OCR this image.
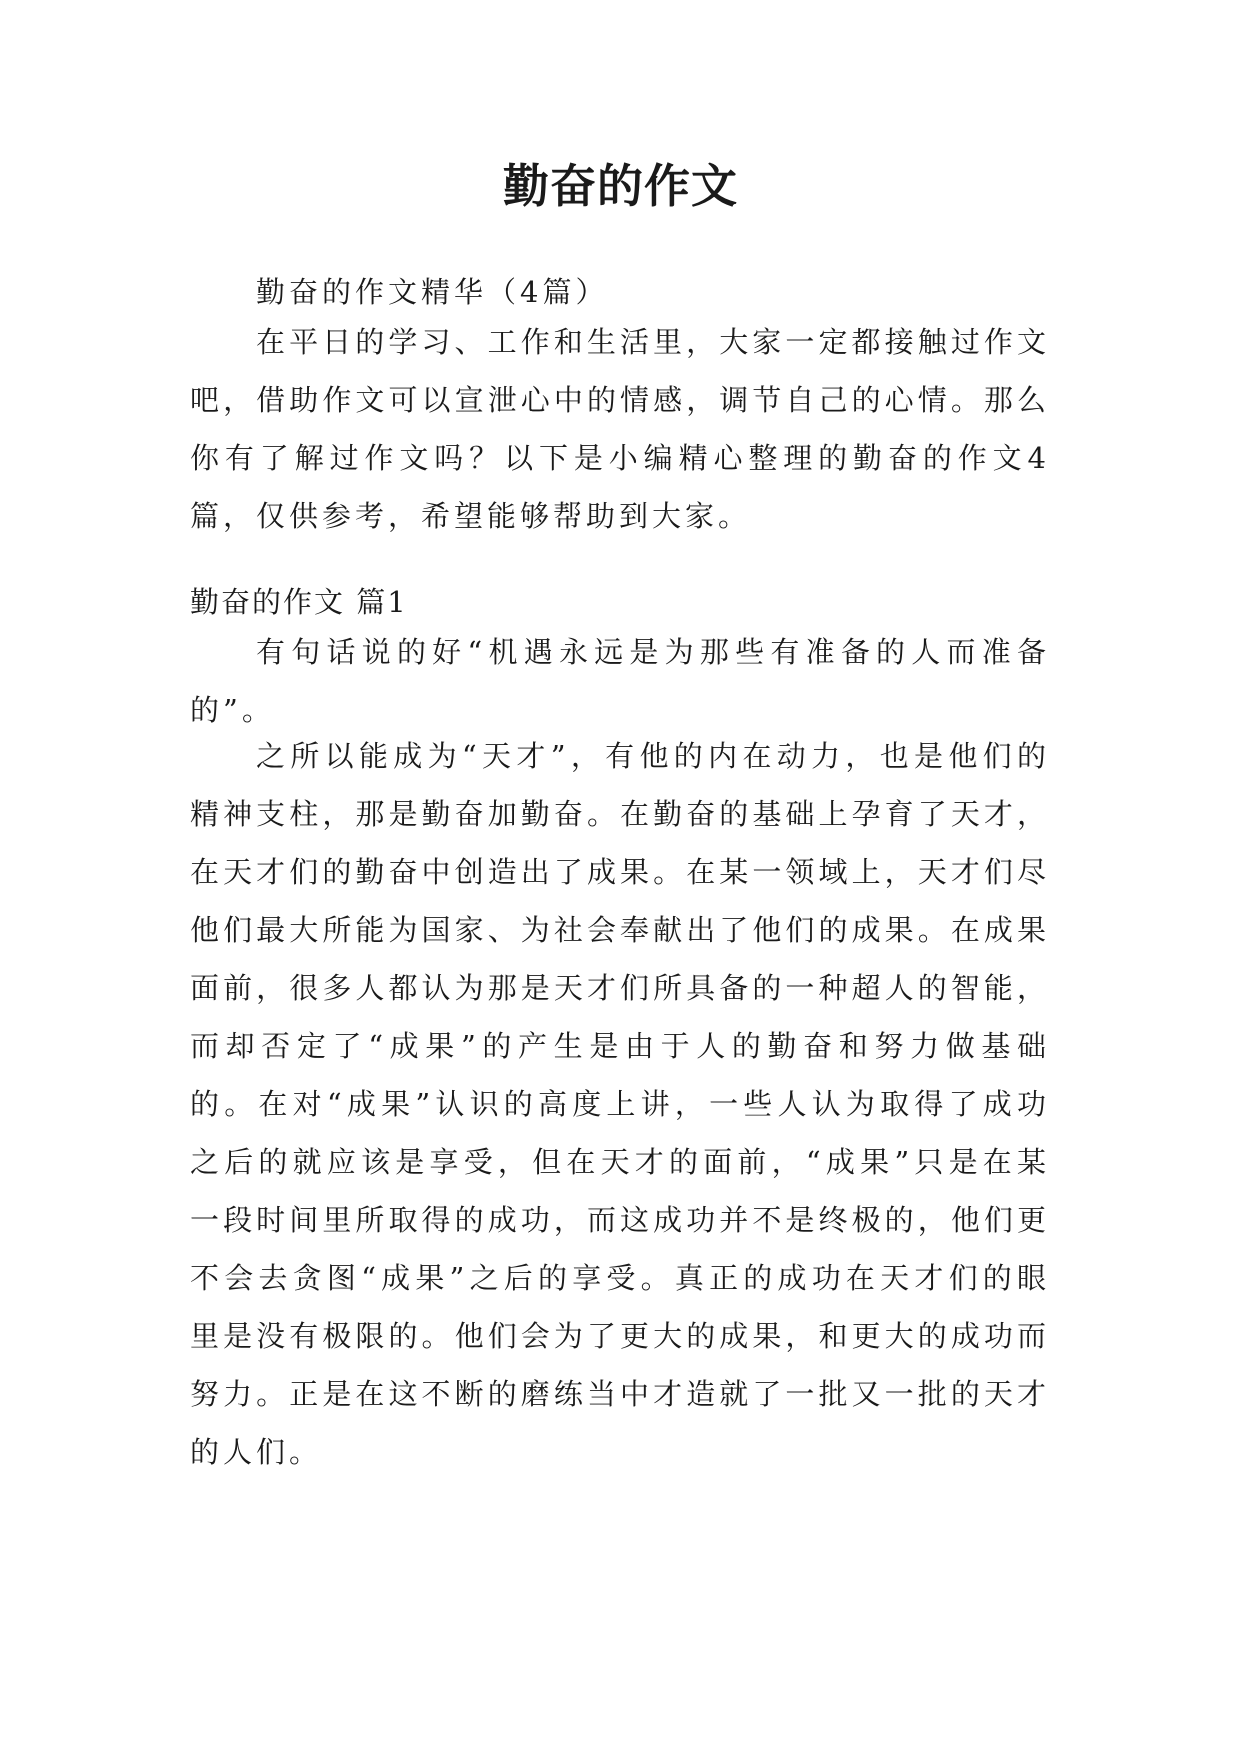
勤奋的作文

勤奋的作文精华（4篇）

在平日的学习、工作和生活里，大家一定都接触过作文吧，借助作文可以宣泄心中的情感，调节自己的心情。那么你有了解过作文吗？以下是小编精心整理的勤奋的作文4篇，仅供参考，希望能够帮助到大家。

勤奋的作文 篇1

有句话说的好“机遇永远是为那些有准备的人而准备的”。

之所以能成为“天才”，有他的内在动力，也是他们的精神支柱，那是勤奋加勤奋。在勤奋的基础上孕育了天才，在天才们的勤奋中创造出了成果。在某一领域上，天才们尽他们最大所能为国家、为社会奉献出了他们的成果。在成果面前，很多人都认为那是天才们所具备的一种超人的智能，而却否定了“成果”的产生是由于人的勤奋和努力做基础的。在对“成果”认识的高度上讲，一些人认为取得了成功之后的就应该是享受，但在天才的面前，“成果”只是在某一段时间里所取得的成功，而这成功并不是终极的，他们更不会去贪图“成果”之后的享受。真正的成功在天才们的眼里是没有极限的。他们会为了更大的成果，和更大的成功而努力。正是在这不断的磨练当中才造就了一批又一批的天才的人们。
